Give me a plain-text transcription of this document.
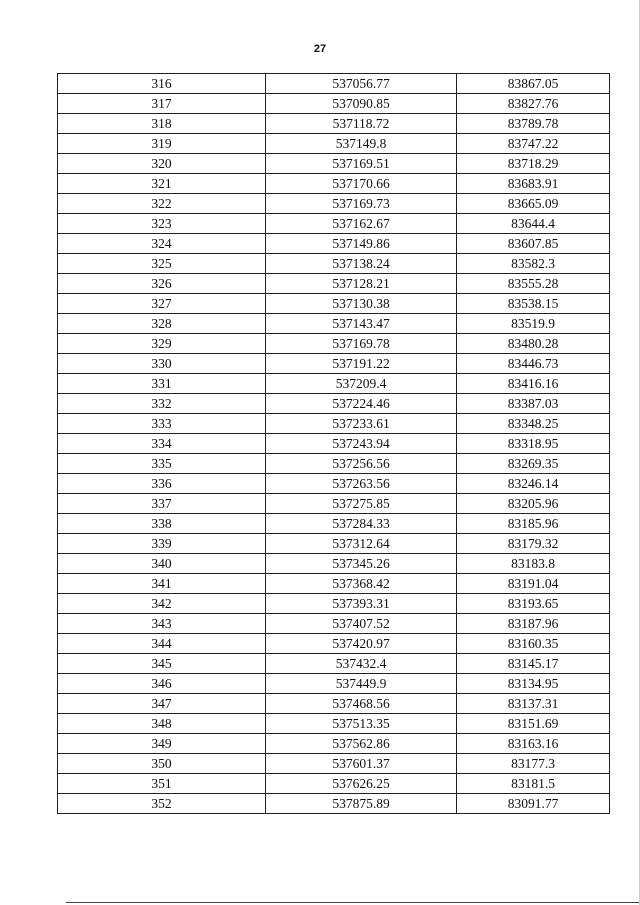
27
316	537056.77	83867.05
317	537090.85	83827.76
318	537118.72	83789.78
319	537149.8	83747.22
320	537169.51	83718.29
321	537170.66	83683.91
322	537169.73	83665.09
323	537162.67	83644.4
324	537149.86	83607.85
325	537138.24	83582.3
326	537128.21	83555.28
327	537130.38	83538.15
328	537143.47	83519.9
329	537169.78	83480.28
330	537191.22	83446.73
331	537209.4	83416.16
332	537224.46	83387.03
333	537233.61	83348.25
334	537243.94	83318.95
335	537256.56	83269.35
336	537263.56	83246.14
337	537275.85	83205.96
338	537284.33	83185.96
339	537312.64	83179.32
340	537345.26	83183.8
341	537368.42	83191.04
342	537393.31	83193.65
343	537407.52	83187.96
344	537420.97	83160.35
345	537432.4	83145.17
346	537449.9	83134.95
347	537468.56	83137.31
348	537513.35	83151.69
349	537562.86	83163.16
350	537601.37	83177.3
351	537626.25	83181.5
352	537875.89	83091.77
